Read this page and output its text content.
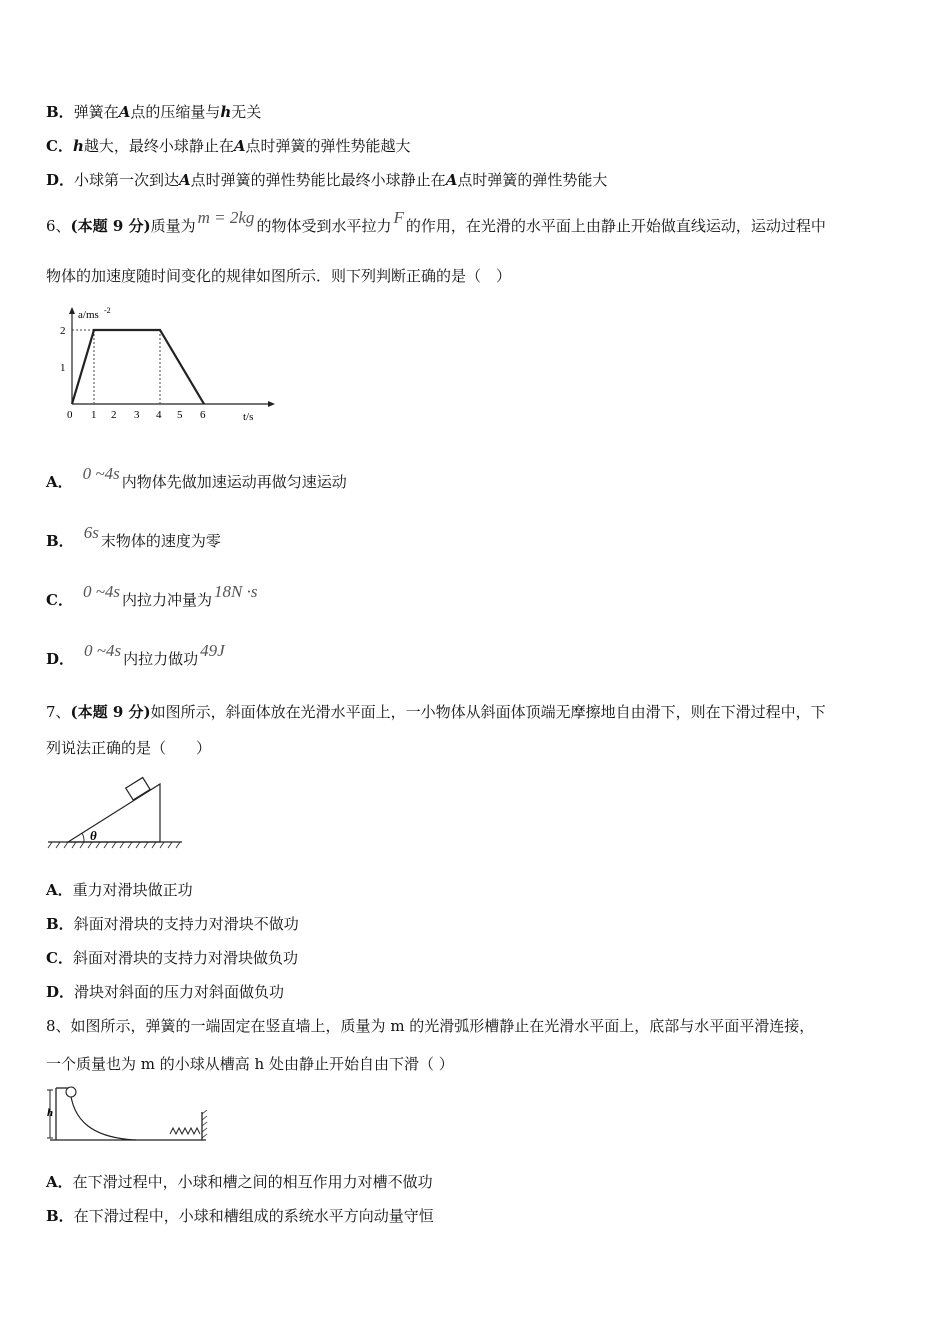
B．弹簧在A点的压缩量与h无关
C．h越大，最终小球静止在A点时弹簧的弹性势能越大
D．小球第一次到达A点时弹簧的弹性势能比最终小球静止在A点时弹簧的弹性势能大
6、(本题 9 分)质量为 m = 2kg 的物体受到水平拉力 F 的作用，在光滑的水平面上由静止开始做直线运动，运动过程中
物体的加速度随时间变化的规律如图所示．则下列判断正确的是（　）
a/ms -2
2
1
0 1 2 3 4 5 6	t/s
A． 0 ~4s 内物体先做加速运动再做匀速运动
B． 6s 末物体的速度为零
C． 0 ~4s 内拉力冲量为 18N ·s
D． 0 ~4s 内拉力做功 49J
7、(本题 9 分)如图所示，斜面体放在光滑水平面上，一小物体从斜面体顶端无摩擦地自由滑下，则在下滑过程中，下
列说法正确的是（　　）
θ
A．重力对滑块做正功
B．斜面对滑块的支持力对滑块不做功
C．斜面对滑块的支持力对滑块做负功
D．滑块对斜面的压力对斜面做负功
8、如图所示，弹簧的一端固定在竖直墙上，质量为 m 的光滑弧形槽静止在光滑水平面上，底部与水平面平滑连接，
一个质量也为 m 的小球从槽高 h 处由静止开始自由下滑（ ）
h
A．在下滑过程中，小球和槽之间的相互作用力对槽不做功
B．在下滑过程中，小球和槽组成的系统水平方向动量守恒
